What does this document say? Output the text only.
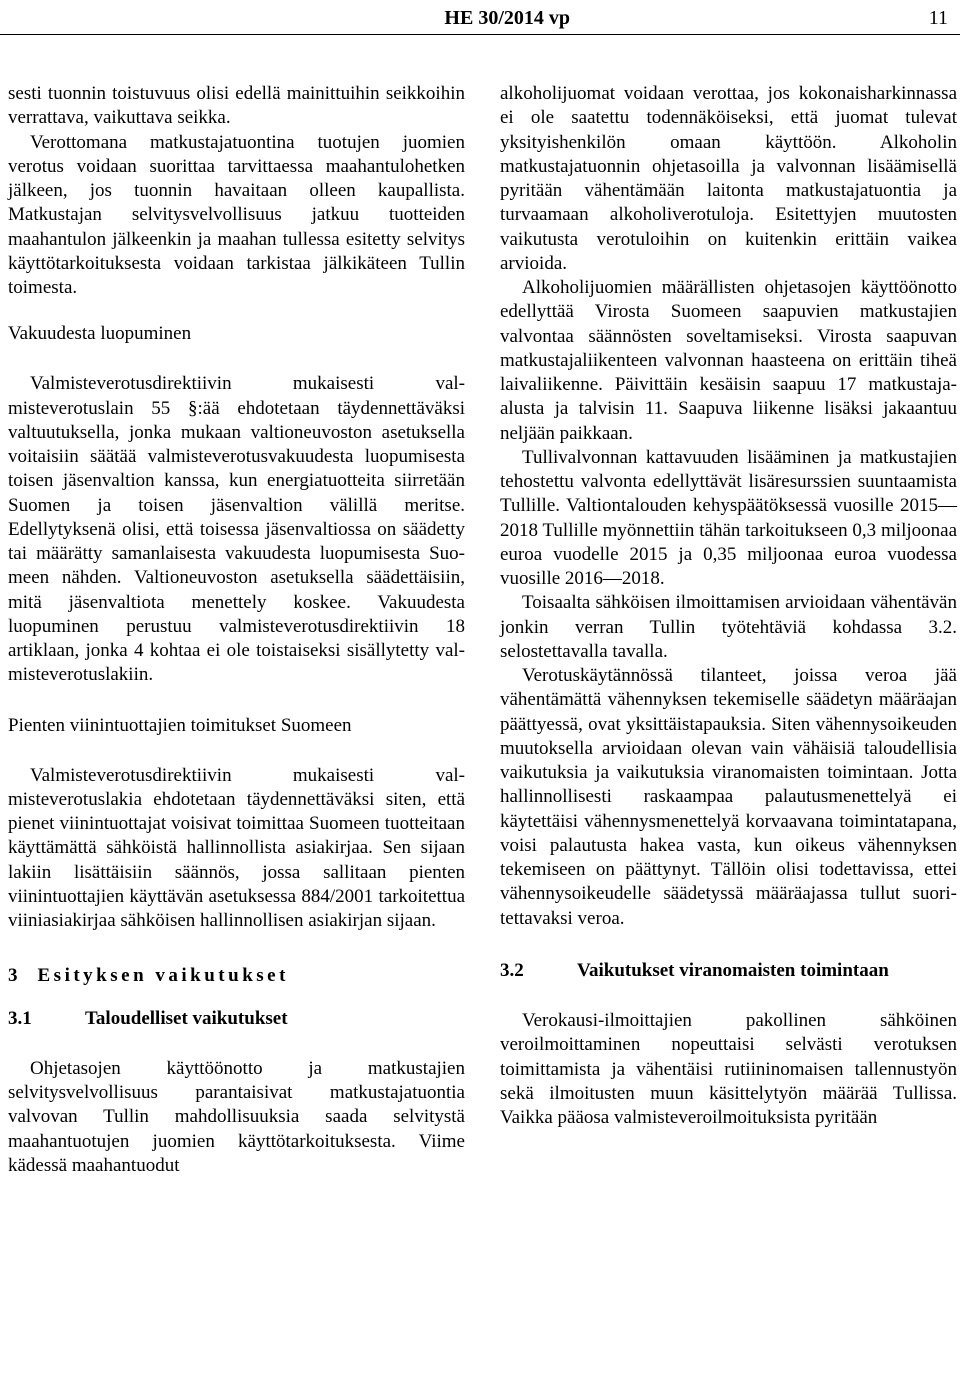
HE 30/2014 vp	11

sesti tuonnin toistuvuus olisi edellä mainittuihin seikkoihin verrattava, vaikuttava seikka.

Verottomana matkustajatuontina tuotujen juomien verotus voidaan suorittaa tarvittaessa maahantulohetken jälkeen, jos tuonnin havaitaan olleen kaupallista. Matkustajan selvitysvelvollisuus jatkuu tuotteiden maahantulon jälkeenkin ja maahan tullessa esitetty selvitys käyttötarkoituksesta voidaan tarkistaa jälkikäteen Tullin toimesta.

Vakuudesta luopuminen

Valmisteverotusdirektiivin mukaisesti valmisteverotuslain 55 §:ää ehdotetaan täydennettäväksi valtuutuksella, jonka mukaan valtioneuvoston asetuksella voitaisiin säätää valmisteverotusvakuudesta luopumisesta toisen jäsenvaltion kanssa, kun energiatuotteita siirretään Suomen ja toisen jäsenvaltion välillä meritse. Edellytyksenä olisi, että toisessa jäsenvaltiossa on säädetty tai määrätty samanlaisesta vakuudesta luopumisesta Suomeen nähden. Valtioneuvoston asetuksella säädettäisiin, mitä jäsenvaltiota menettely koskee. Vakuudesta luopuminen perustuu valmisteverotusdirektiivin 18 artiklaan, jonka 4 kohtaa ei ole toistaiseksi sisällytetty valmisteverotuslakiin.

Pienten viinintuottajien toimitukset Suomeen

Valmisteverotusdirektiivin mukaisesti valmisteverotuslakia ehdotetaan täydennettäväksi siten, että pienet viinintuottajat voisivat toimittaa Suomeen tuotteitaan käyttämättä sähköistä hallinnollista asiakirjaa. Sen sijaan lakiin lisättäisiin säännös, jossa sallitaan pienten viinintuottajien käyttävän asetuksessa 884/2001 tarkoitettua viiniasiakirjaa sähköisen hallinnollisen asiakirjan sijaan.

3 Esityksen vaikutukset
3.1	Taloudelliset vaikutukset

Ohjetasojen käyttöönotto ja matkustajien selvitysvelvollisuus parantaisivat matkustajatuontia valvovan Tullin mahdollisuuksia saada selvitystä maahantuotujen juomien käyttötarkoituksesta. Viime kädessä maahantuodut

alkoholijuomat voidaan verottaa, jos kokonaisharkinnassa ei ole saatettu todennäköiseksi, että juomat tulevat yksityishenkilön omaan käyttöön. Alkoholin matkustajatuonnin ohjetasoilla ja valvonnan lisäämisellä pyritään vähentämään laitonta matkustajatuontia ja turvaamaan alkoholiverotuloja. Esitettyjen muutosten vaikutusta verotuloihin on kuitenkin erittäin vaikea arvioida.

Alkoholijuomien määrällisten ohjetasojen käyttöönotto edellyttää Virosta Suomeen saapuvien matkustajien valvontaa säännösten soveltamiseksi. Virosta saapuvan matkustajaliikenteen valvonnan haasteena on erittäin tiheä laivaliikenne. Päivittäin kesäisin saapuu 17 matkustaja-alusta ja talvisin 11. Saapuva liikenne lisäksi jakaantuu neljään paikkaan.

Tullivalvonnan kattavuuden lisääminen ja matkustajien tehostettu valvonta edellyttävät lisäresurssien suuntaamista Tullille. Valtiontalouden kehyspäätöksessä vuosille 2015— 2018 Tullille myönnettiin tähän tarkoitukseen 0,3 miljoonaa euroa vuodelle 2015 ja 0,35 miljoonaa euroa vuodessa vuosille 2016—2018.

Toisaalta sähköisen ilmoittamisen arvioidaan vähentävän jonkin verran Tullin työtehtäviä kohdassa 3.2. selostettavalla tavalla.

Verotuskäytännössä tilanteet, joissa veroa jää vähentämättä vähennyksen tekemiselle säädetyn määräajan päättyessä, ovat yksittäistapauksia. Siten vähennysoikeuden muutoksella arvioidaan olevan vain vähäisiä taloudellisia vaikutuksia ja vaikutuksia viranomaisten toimintaan. Jotta hallinnollisesti raskaampaa palautusmenettelyä ei käytettäisi vähennysmenettelyä korvaavana toimintatapana, voisi palautusta hakea vasta, kun oikeus vähennyksen tekemiseen on päättynyt. Tällöin olisi todettavissa, ettei vähennysoikeudelle säädetyssä määräajassa tullut suoritettavaksi veroa.

3.2	Vaikutukset viranomaisten toimintaan

Verokausi-ilmoittajien pakollinen sähköinen veroilmoittaminen nopeuttaisi selvästi verotuksen toimittamista ja vähentäisi rutiininomaisen tallennustyön sekä ilmoitusten muun käsittelytyön määrää Tullissa. Vaikka pääosa valmisteveroilmoituksista pyritään
